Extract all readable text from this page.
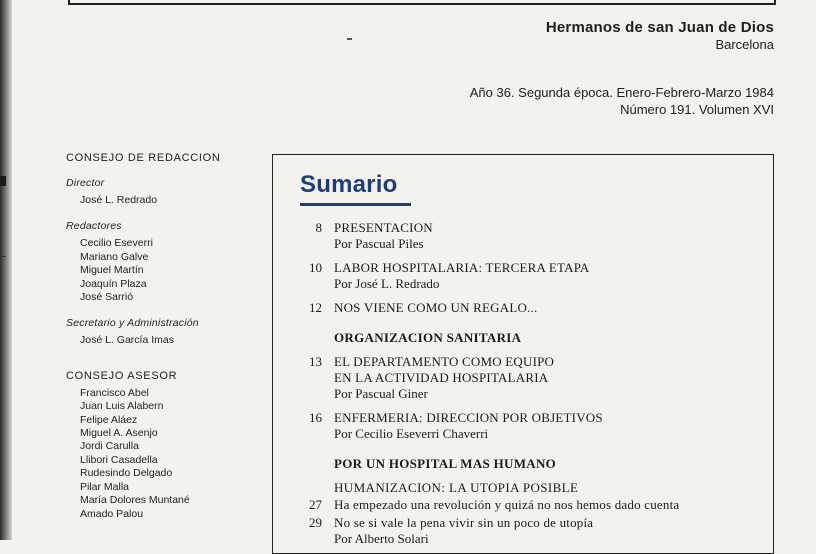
Hermanos de san Juan de Dios
Barcelona
Año 36. Segunda época. Enero-Febrero-Marzo 1984
Número 191. Volumen XVI
CONSEJO DE REDACCION
Director
José L. Redrado
Redactores
Cecilio Eseverri
Mariano Galve
Miguel Martín
Joaquín Plaza
José Sarrió
Secretario y Administración
José L. García Imas
CONSEJO ASESOR
Francisco Abel
Juan Luis Alabern
Felipe Aláez
Miguel A. Asenjo
Jordi Carulla
Llibori Casadella
Rudesindo Delgado
Pilar Malla
María Dolores Muntané
Amado Palou
Sumario
8 PRESENTACION
Por Pascual Piles
10 LABOR HOSPITALARIA: TERCERA ETAPA
Por José L. Redrado
12 NOS VIENE COMO UN REGALO...
ORGANIZACION SANITARIA
13 EL DEPARTAMENTO COMO EQUIPO
EN LA ACTIVIDAD HOSPITALARIA
Por Pascual Giner
16 ENFERMERIA: DIRECCION POR OBJETIVOS
Por Cecilio Eseverri Chaverri
POR UN HOSPITAL MAS HUMANO
HUMANIZACION: LA UTOPIA POSIBLE
27 Ha empezado una revolución y quizá no nos hemos dado cuenta
29 No se si vale la pena vivir sin un poco de utopía
Por Alberto Solari
